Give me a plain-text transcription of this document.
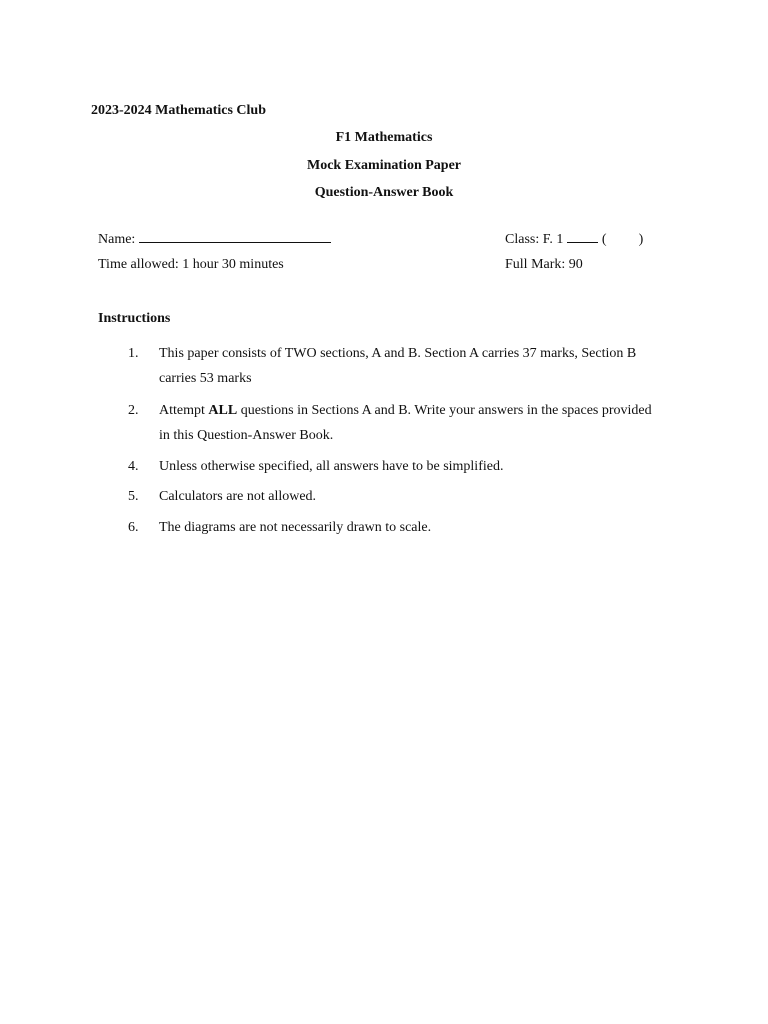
2023-2024 Mathematics Club
F1 Mathematics
Mock Examination Paper
Question-Answer Book
Name:	Class: F. 1	( )
Time allowed: 1 hour 30 minutes	Full Mark: 90
Instructions
1. This paper consists of TWO sections, A and B. Section A carries 37 marks, Section B carries 53 marks
2. Attempt ALL questions in Sections A and B. Write your answers in the spaces provided in this Question-Answer Book.
4. Unless otherwise specified, all answers have to be simplified.
5. Calculators are not allowed.
6. The diagrams are not necessarily drawn to scale.
